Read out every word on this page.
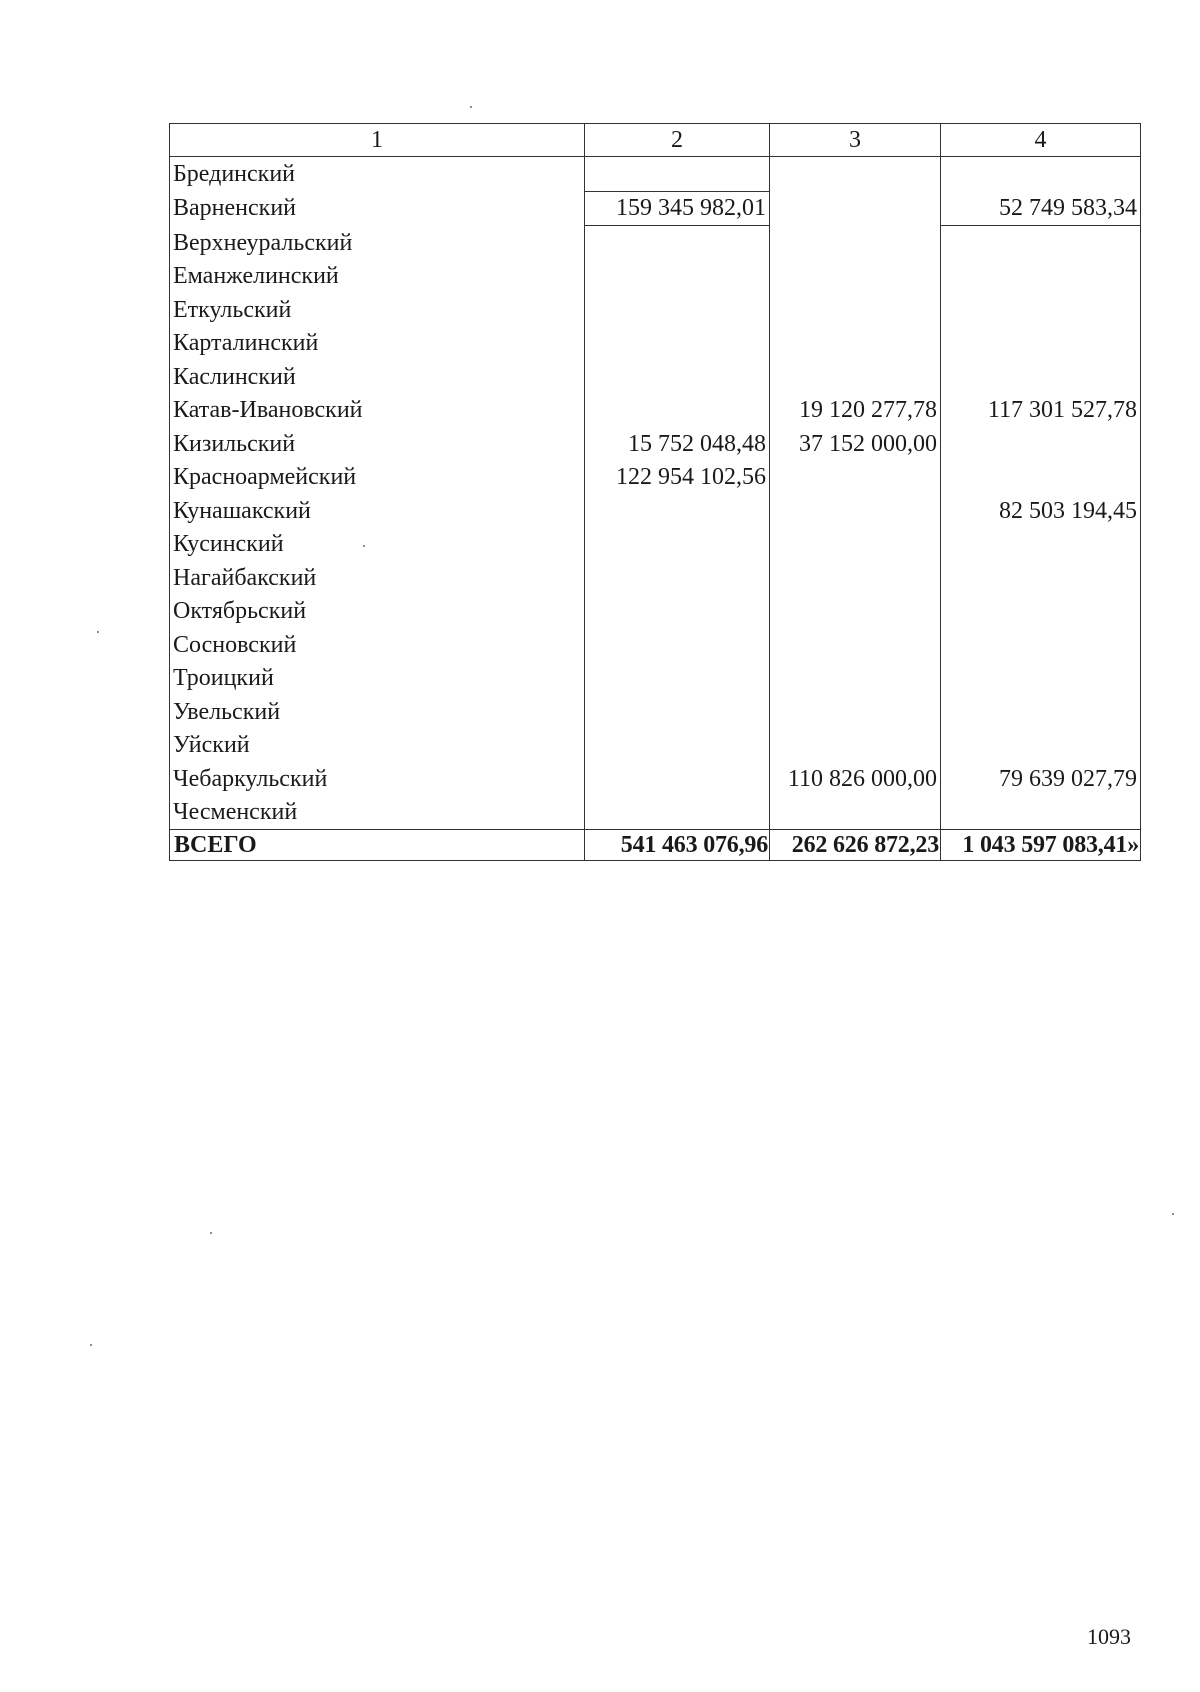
1	2	3	4
Брединский			
Варненский	159 345 982,01		52 749 583,34
Верхнеуральский			
Еманжелинский			
Еткульский			
Карталинский			
Каслинский			
Катав-Ивановский		19 120 277,78	117 301 527,78
Кизильский	15 752 048,48	37 152 000,00	
Красноармейский	122 954 102,56		
Кунашакский			82 503 194,45
Кусинский			
Нагайбакский			
Октябрьский			
Сосновский			
Троицкий			
Увельский			
Уйский			
Чебаркульский		110 826 000,00	79 639 027,79
Чесменский			
ВСЕГО	541 463 076,96	262 626 872,23	1 043 597 083,41»
1093
